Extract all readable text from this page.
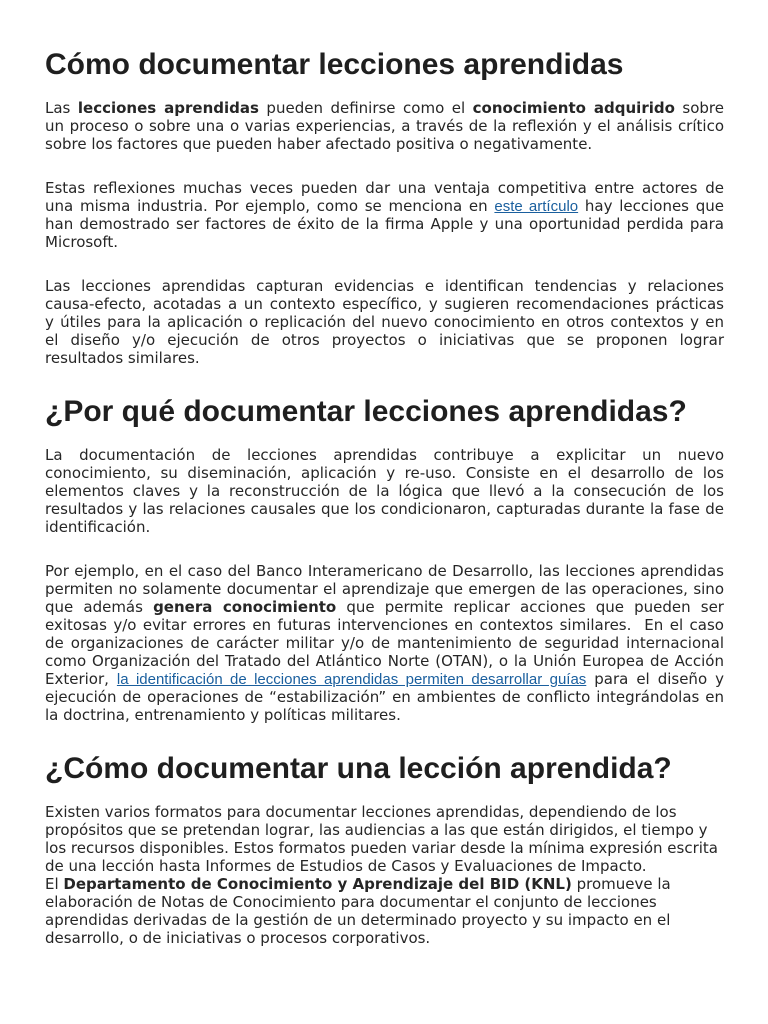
Cómo documentar lecciones aprendidas
Las lecciones aprendidas pueden definirse como el conocimiento adquirido sobre
un proceso o sobre una o varias experiencias, a través de la reflexión y el análisis crítico
sobre los factores que pueden haber afectado positiva o negativamente.
Estas reflexiones muchas veces pueden dar una ventaja competitiva entre actores de
una misma industria. Por ejemplo, como se menciona en este artículo hay lecciones que
han demostrado ser factores de éxito de la firma Apple y una oportunidad perdida para
Microsoft.
Las lecciones aprendidas capturan evidencias e identifican tendencias y relaciones
causa-efecto, acotadas a un contexto específico, y sugieren recomendaciones prácticas
y útiles para la aplicación o replicación del nuevo conocimiento en otros contextos y en
el diseño y/o ejecución de otros proyectos o iniciativas que se proponen lograr
resultados similares.
¿Por qué documentar lecciones aprendidas?
La documentación de lecciones aprendidas contribuye a explicitar un nuevo
conocimiento, su diseminación, aplicación y re-uso. Consiste en el desarrollo de los
elementos claves y la reconstrucción de la lógica que llevó a la consecución de los
resultados y las relaciones causales que los condicionaron, capturadas durante la fase de
identificación.
Por ejemplo, en el caso del Banco Interamericano de Desarrollo, las lecciones aprendidas
permiten no solamente documentar el aprendizaje que emergen de las operaciones, sino
que además genera conocimiento que permite replicar acciones que pueden ser
exitosas y/o evitar errores en futuras intervenciones en contextos similares.  En el caso
de organizaciones de carácter militar y/o de mantenimiento de seguridad internacional
como Organización del Tratado del Atlántico Norte (OTAN), o la Unión Europea de Acción
Exterior, la identificación de lecciones aprendidas permiten desarrollar guías para el diseño y
ejecución de operaciones de “estabilización” en ambientes de conflicto integrándolas en
la doctrina, entrenamiento y políticas militares.
¿Cómo documentar una lección aprendida?
Existen varios formatos para documentar lecciones aprendidas, dependiendo de los
propósitos que se pretendan lograr, las audiencias a las que están dirigidos, el tiempo y
los recursos disponibles. Estos formatos pueden variar desde la mínima expresión escrita
de una lección hasta Informes de Estudios de Casos y Evaluaciones de Impacto.
El Departamento de Conocimiento y Aprendizaje del BID (KNL) promueve la
elaboración de Notas de Conocimiento para documentar el conjunto de lecciones
aprendidas derivadas de la gestión de un determinado proyecto y su impacto en el
desarrollo, o de iniciativas o procesos corporativos.
